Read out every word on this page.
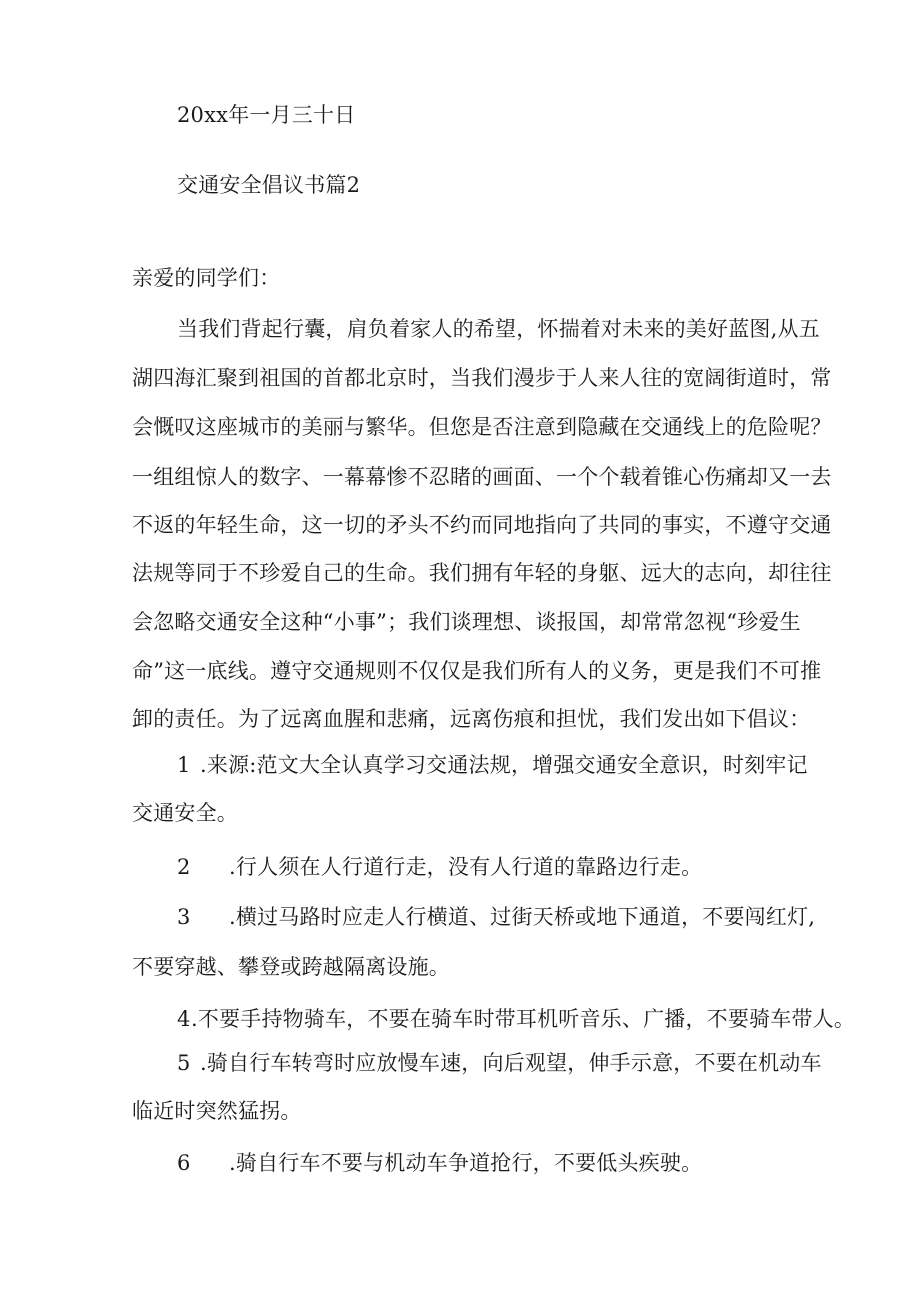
20xx年一月三十日
交通安全倡议书篇2
亲爱的同学们：
当我们背起行囊，肩负着家人的希望，怀揣着对未来的美好蓝图,从五
湖四海汇聚到祖国的首都北京时，当我们漫步于人来人往的宽阔街道时，常
会慨叹这座城市的美丽与繁华。但您是否注意到隐藏在交通线上的危险呢？
一组组惊人的数字、一幕幕惨不忍睹的画面、一个个载着锥心伤痛却又一去
不返的年轻生命，这一切的矛头不约而同地指向了共同的事实，不遵守交通
法规等同于不珍爱自己的生命。我们拥有年轻的身躯、远大的志向，却往往
会忽略交通安全这种“小事”；我们谈理想、谈报国，却常常忽视“珍爱生
命”这一底线。遵守交通规则不仅仅是我们所有人的义务，更是我们不可推
卸的责任。为了远离血腥和悲痛，远离伤痕和担忧，我们发出如下倡议：
1 .来源:范文大全认真学习交通法规，增强交通安全意识，时刻牢记
交通安全。
2 .行人须在人行道行走，没有人行道的靠路边行走。
3 .横过马路时应走人行横道、过街天桥或地下通道，不要闯红灯,
不要穿越、攀登或跨越隔离设施。
4 .不要手持物骑车，不要在骑车时带耳机听音乐、广播，不要骑车带人。
5 .骑自行车转弯时应放慢车速，向后观望，伸手示意，不要在机动车
临近时突然猛拐。
6 .骑自行车不要与机动车争道抢行，不要低头疾驶。
